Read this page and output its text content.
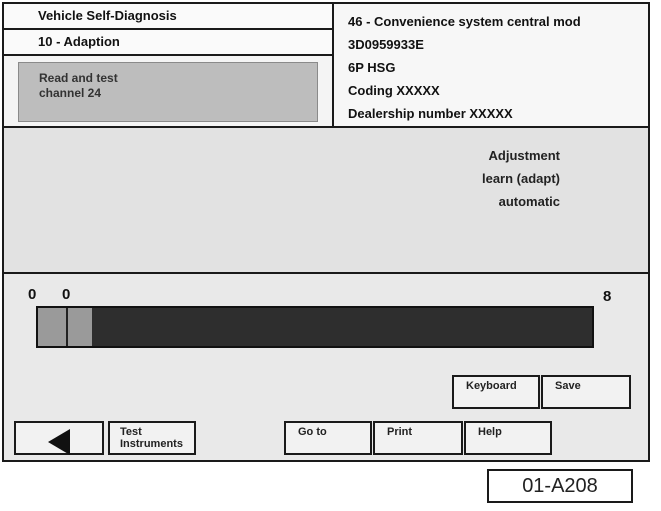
Vehicle Self-Diagnosis
10 - Adaption
Read and test
channel 24
46 - Convenience system central mod
3D0959933E
6P HSG
Coding XXXXX
Dealership number XXXXX
Adjustment
learn (adapt)
automatic
0 0	8
Keyboard	Save
Test
Instruments
Go to	Print	Help
01-A208
